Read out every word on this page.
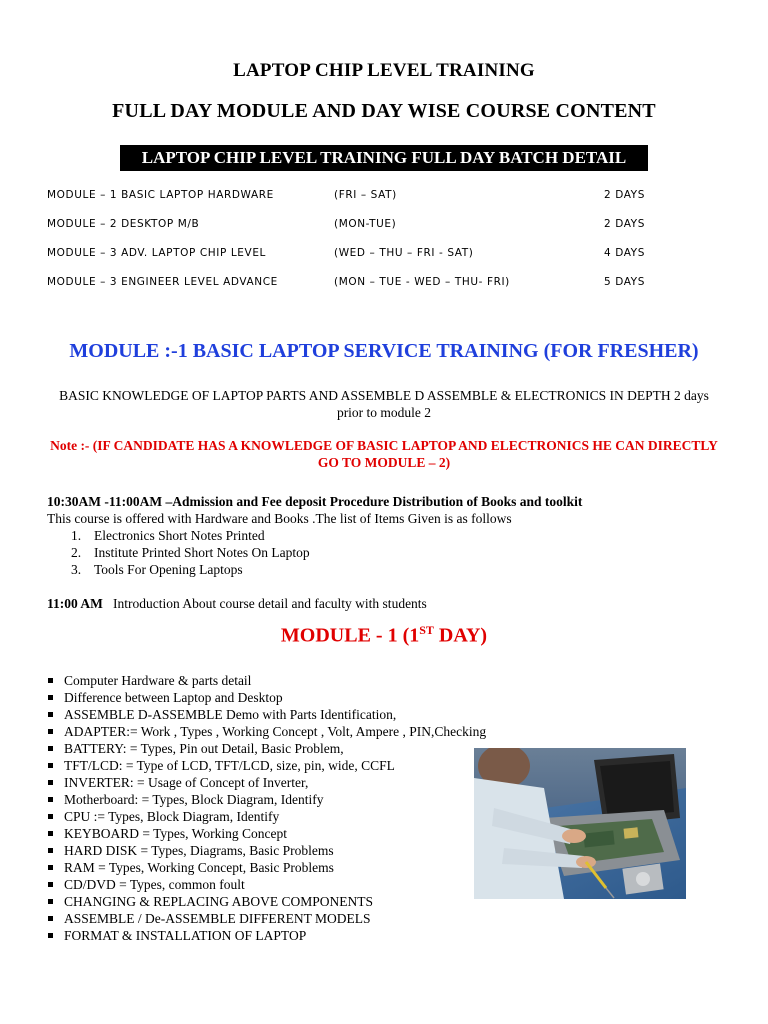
LAPTOP CHIP LEVEL TRAINING
FULL DAY MODULE AND DAY WISE COURSE CONTENT
LAPTOP CHIP LEVEL TRAINING FULL DAY BATCH DETAIL
MODULE – 1 BASIC LAPTOP HARDWARE	(FRI – SAT)	2 DAYS
MODULE – 2 DESKTOP M/B	(MON-TUE)	2 DAYS
MODULE – 3 ADV. LAPTOP CHIP LEVEL	(WED – THU – FRI - SAT)	4 DAYS
MODULE – 3 ENGINEER LEVEL ADVANCE	(MON – TUE - WED – THU- FRI)	5 DAYS
MODULE :-1 BASIC LAPTOP SERVICE TRAINING (FOR FRESHER)
BASIC KNOWLEDGE OF LAPTOP PARTS AND ASSEMBLE D ASSEMBLE & ELECTRONICS IN DEPTH 2 days prior to module 2
Note :- (IF CANDIDATE HAS A KNOWLEDGE OF BASIC LAPTOP AND ELECTRONICS HE CAN DIRECTLY GO TO MODULE – 2)
10:30AM -11:00AM –Admission and Fee deposit Procedure Distribution of Books and toolkit
This course is offered with Hardware and Books .The list of Items Given is as follows
1. Electronics Short Notes Printed
2. Institute Printed Short Notes On Laptop
3. Tools For Opening Laptops
11:00 AM Introduction About course detail and faculty with students
MODULE - 1 (1ST DAY)
Computer Hardware & parts detail
Difference between Laptop and Desktop
ASSEMBLE D-ASSEMBLE Demo with Parts Identification,
ADAPTER:= Work , Types , Working Concept , Volt, Ampere , PIN,Checking
BATTERY: = Types, Pin out Detail, Basic Problem,
TFT/LCD: = Type of LCD, TFT/LCD, size, pin, wide, CCFL
INVERTER: = Usage of Concept of Inverter,
Motherboard: = Types, Block Diagram, Identify
CPU := Types, Block Diagram, Identify
KEYBOARD = Types, Working Concept
HARD DISK = Types, Diagrams, Basic Problems
RAM = Types, Working Concept, Basic Problems
CD/DVD = Types, common foult
CHANGING & REPLACING ABOVE COMPONENTS
ASSEMBLE / De-ASSEMBLE DIFFERENT MODELS
FORMAT & INSTALLATION OF LAPTOP
